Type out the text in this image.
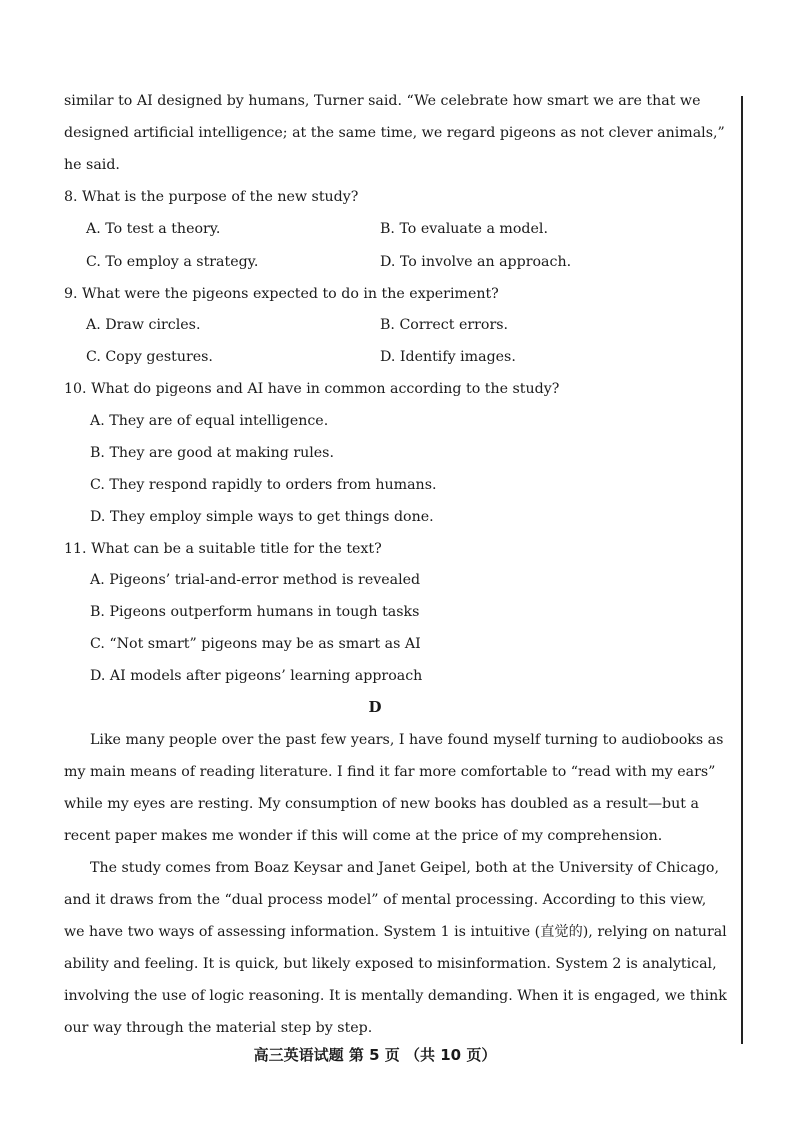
similar to AI designed by humans, Turner said. “We celebrate how smart we are that we
designed artificial intelligence; at the same time, we regard pigeons as not clever animals,”
he said.
8. What is the purpose of the new study?
A. To test a theory.	B. To evaluate a model.
C. To employ a strategy.	D. To involve an approach.
9. What were the pigeons expected to do in the experiment?
A. Draw circles.	B. Correct errors.
C. Copy gestures.	D. Identify images.
10. What do pigeons and AI have in common according to the study?
A. They are of equal intelligence.
B. They are good at making rules.
C. They respond rapidly to orders from humans.
D. They employ simple ways to get things done.
11. What can be a suitable title for the text?
A. Pigeons’ trial-and-error method is revealed
B. Pigeons outperform humans in tough tasks
C. “Not smart” pigeons may be as smart as AI
D. AI models after pigeons’ learning approach
D
Like many people over the past few years, I have found myself turning to audiobooks as
my main means of reading literature. I find it far more comfortable to “read with my ears”
while my eyes are resting. My consumption of new books has doubled as a result—but a
recent paper makes me wonder if this will come at the price of my comprehension.
The study comes from Boaz Keysar and Janet Geipel, both at the University of Chicago,
and it draws from the “dual process model” of mental processing. According to this view,
we have two ways of assessing information. System 1 is intuitive (直觉的), relying on natural
ability and feeling. It is quick, but likely exposed to misinformation. System 2 is analytical,
involving the use of logic reasoning. It is mentally demanding. When it is engaged, we think
our way through the material step by step.
高三英语试题 第 5 页 （共 10 页）
